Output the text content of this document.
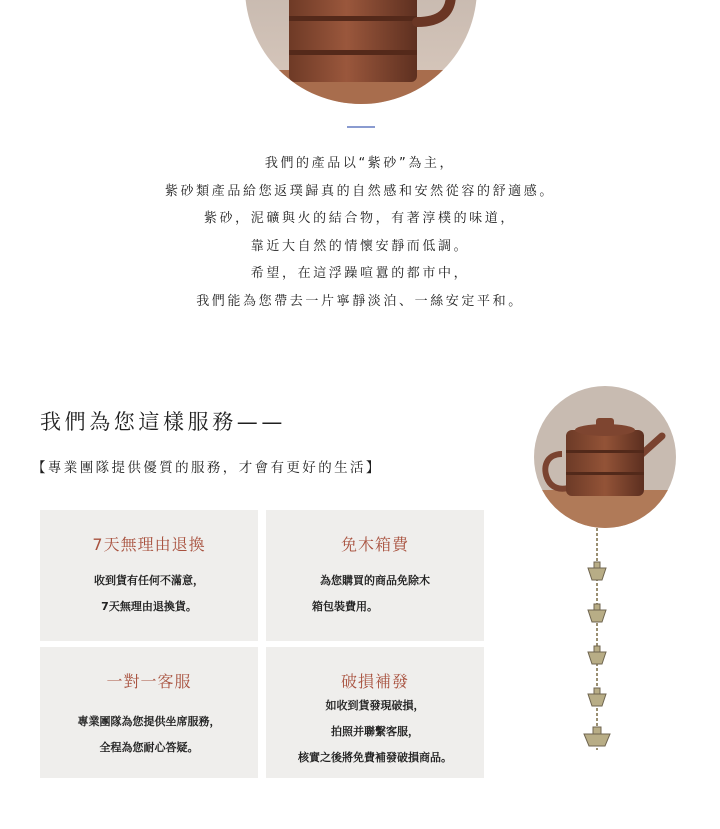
我們的產品以“紫砂”為主，
紫砂類產品給您返璞歸真的自然感和安然從容的舒適感。
紫砂，泥礦與火的結合物，有著淳樸的味道，
靠近大自然的情懷安靜而低調。
希望，在這浮躁喧囂的都市中，
我們能為您帶去一片寧靜淡泊、一絲安定平和。
我們為您這樣服務——
【專業團隊提供優質的服務，才會有更好的生活】
7天無理由退換
收到貨有任何不滿意，
7天無理由退換貨。
免木箱費
為您購買的商品免除木
箱包裝費用。
一對一客服
專業團隊為您提供坐席服務，
全程為您耐心答疑。
破損補發
如收到貨發現破損，
拍照并聯繫客服，
核實之後將免費補發破損商品。
